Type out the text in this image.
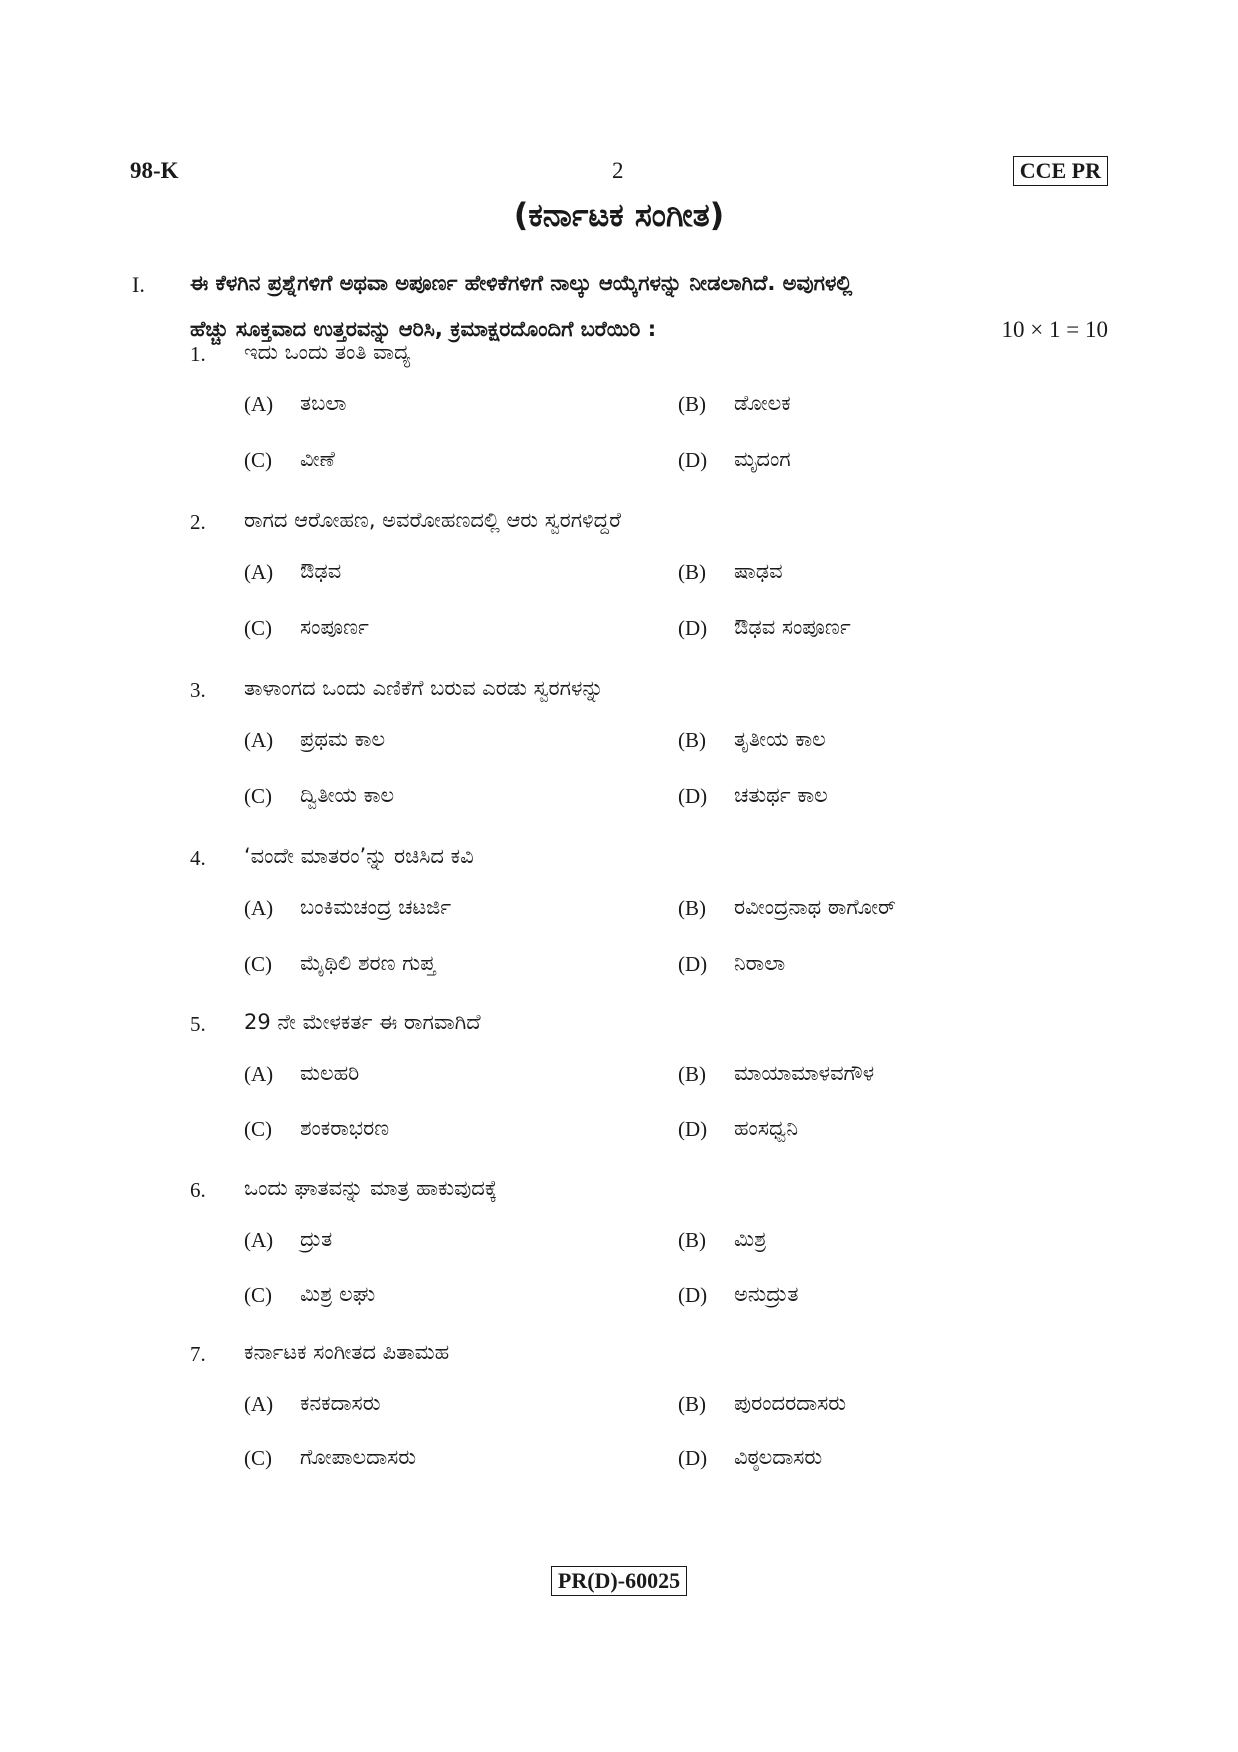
98-K	2	CCE PR
(ಕರ್ನಾಟಕ ಸಂಗೀತ)
I. ಈ ಕೆಳಗಿನ ಪ್ರಶ್ನೆಗಳಿಗೆ ಅಥವಾ ಅಪೂರ್ಣ ಹೇಳಿಕೆಗಳಿಗೆ ನಾಲ್ಕು ಆಯ್ಕೆಗಳನ್ನು ನೀಡಲಾಗಿದೆ. ಅವುಗಳಲ್ಲಿ
ಹೆಚ್ಚು ಸೂಕ್ತವಾದ ಉತ್ತರವನ್ನು ಆರಿಸಿ, ಕ್ರಮಾಕ್ಷರದೊಂದಿಗೆ ಬರೆಯಿರಿ :	10 × 1 = 10
1.	ಇದು ಒಂದು ತಂತಿ ವಾದ್ಯ
(A) ತಬಲಾ	(B) ಡೋಲಕ
(C) ವೀಣೆ	(D) ಮೃದಂಗ
2.	ರಾಗದ ಆರೋಹಣ, ಅವರೋಹಣದಲ್ಲಿ ಆರು ಸ್ವರಗಳಿದ್ದರೆ
(A) ಔಢವ	(B) ಷಾಢವ
(C) ಸಂಪೂರ್ಣ	(D) ಔಢವ ಸಂಪೂರ್ಣ
3.	ತಾಳಾಂಗದ ಒಂದು ಎಣಿಕೆಗೆ ಬರುವ ಎರಡು ಸ್ವರಗಳನ್ನು
(A) ಪ್ರಥಮ ಕಾಲ	(B) ತೃತೀಯ ಕಾಲ
(C) ದ್ವಿತೀಯ ಕಾಲ	(D) ಚತುರ್ಥ ಕಾಲ
4.	‘ವಂದೇ ಮಾತರಂ’ನ್ನು ರಚಿಸಿದ ಕವಿ
(A) ಬಂಕಿಮಚಂದ್ರ ಚಟರ್ಜಿ	(B) ರವೀಂದ್ರನಾಥ ಠಾಗೋರ್
(C) ಮೈಥಿಲಿ ಶರಣ ಗುಪ್ತ	(D) ನಿರಾಲಾ
5.	29 ನೇ ಮೇಳಕರ್ತ ಈ ರಾಗವಾಗಿದೆ
(A) ಮಲಹರಿ	(B) ಮಾಯಾಮಾಳವಗೌಳ
(C) ಶಂಕರಾಭರಣ	(D) ಹಂಸಧ್ವನಿ
6.	ಒಂದು ಘಾತವನ್ನು ಮಾತ್ರ ಹಾಕುವುದಕ್ಕೆ
(A) ದ್ರುತ	(B) ಮಿಶ್ರ
(C) ಮಿಶ್ರ ಲಘು	(D) ಅನುದ್ರುತ
7.	ಕರ್ನಾಟಕ ಸಂಗೀತದ ಪಿತಾಮಹ
(A) ಕನಕದಾಸರು	(B) ಪುರಂದರದಾಸರು
(C) ಗೋಪಾಲದಾಸರು	(D) ವಿಠ್ಠಲದಾಸರು
PR(D)-60025
